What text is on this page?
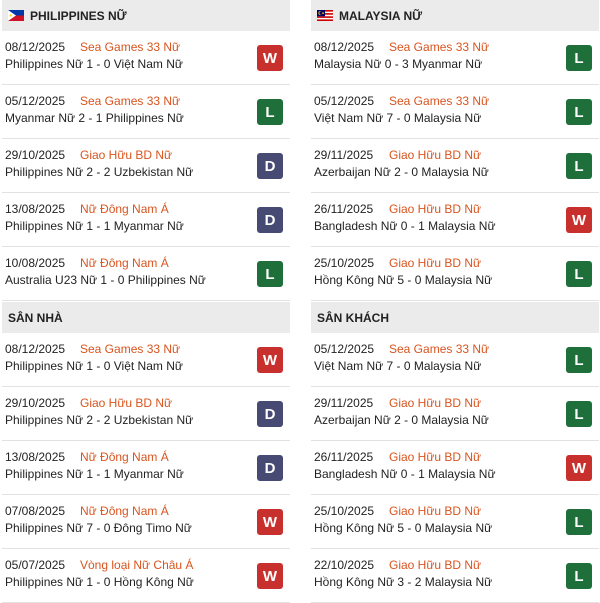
PHILIPPINES NỮ
08/12/2025 Sea Games 33 Nữ
Philippines Nữ 1 - 0 Việt Nam Nữ	W
05/12/2025 Sea Games 33 Nữ
Myanmar Nữ 2 - 1 Philippines Nữ	L
29/10/2025 Giao Hữu BD Nữ
Philippines Nữ 2 - 2 Uzbekistan Nữ	D
13/08/2025 Nữ Đông Nam Á
Philippines Nữ 1 - 1 Myanmar Nữ	D
10/08/2025 Nữ Đông Nam Á
Australia U23 Nữ 1 - 0 Philippines Nữ	L
MALAYSIA NỮ
08/12/2025 Sea Games 33 Nữ
Malaysia Nữ 0 - 3 Myanmar Nữ	L
05/12/2025 Sea Games 33 Nữ
Việt Nam Nữ 7 - 0 Malaysia Nữ	L
29/11/2025 Giao Hữu BD Nữ
Azerbaijan Nữ 2 - 0 Malaysia Nữ	L
26/11/2025 Giao Hữu BD Nữ
Bangladesh Nữ 0 - 1 Malaysia Nữ	W
25/10/2025 Giao Hữu BD Nữ
Hồng Kông Nữ 5 - 0 Malaysia Nữ	L
SÂN NHÀ
08/12/2025 Sea Games 33 Nữ
Philippines Nữ 1 - 0 Việt Nam Nữ	W
29/10/2025 Giao Hữu BD Nữ
Philippines Nữ 2 - 2 Uzbekistan Nữ	D
13/08/2025 Nữ Đông Nam Á
Philippines Nữ 1 - 1 Myanmar Nữ	D
07/08/2025 Nữ Đông Nam Á
Philippines Nữ 7 - 0 Đông Timo Nữ	W
05/07/2025 Vòng loại Nữ Châu Á
Philippines Nữ 1 - 0 Hồng Kông Nữ	W
SÂN KHÁCH
05/12/2025 Sea Games 33 Nữ
Việt Nam Nữ 7 - 0 Malaysia Nữ	L
29/11/2025 Giao Hữu BD Nữ
Azerbaijan Nữ 2 - 0 Malaysia Nữ	L
26/11/2025 Giao Hữu BD Nữ
Bangladesh Nữ 0 - 1 Malaysia Nữ	W
25/10/2025 Giao Hữu BD Nữ
Hồng Kông Nữ 5 - 0 Malaysia Nữ	L
22/10/2025 Giao Hữu BD Nữ
Hồng Kông Nữ 3 - 2 Malaysia Nữ	L
